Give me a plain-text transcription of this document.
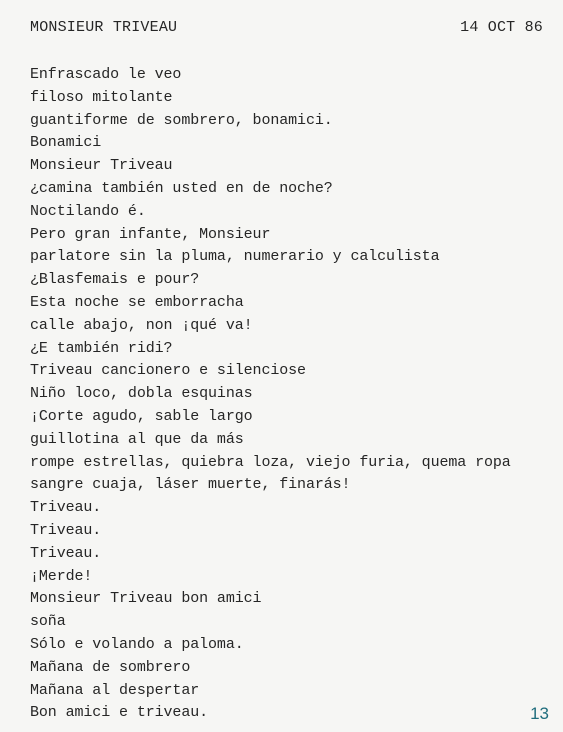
MONSIEUR TRIVEAU	14 OCT 86
Enfrascado le veo
filoso mitolante
guantiforme de sombrero, bonamici.
Bonamici
Monsieur Triveau
¿camina también usted en de noche?
Noctilando é.
Pero gran infante, Monsieur
parlatore sin la pluma, numerario y calculista
¿Blasfemais e pour?
Esta noche se emborracha
calle abajo, non ¡qué va!
¿E también ridi?
Triveau cancionero e silenciose
Niño loco, dobla esquinas
¡Corte agudo, sable largo
guillotina al que da más
rompe estrellas, quiebra loza, viejo furia, quema ropa
sangre cuaja, láser muerte, finarás!
Triveau.
Triveau.
Triveau.
¡Merde!
Monsieur Triveau bon amici
soña
Sólo e volando a paloma.
Mañana de sombrero
Mañana al despertar
Bon amici e triveau.	13
